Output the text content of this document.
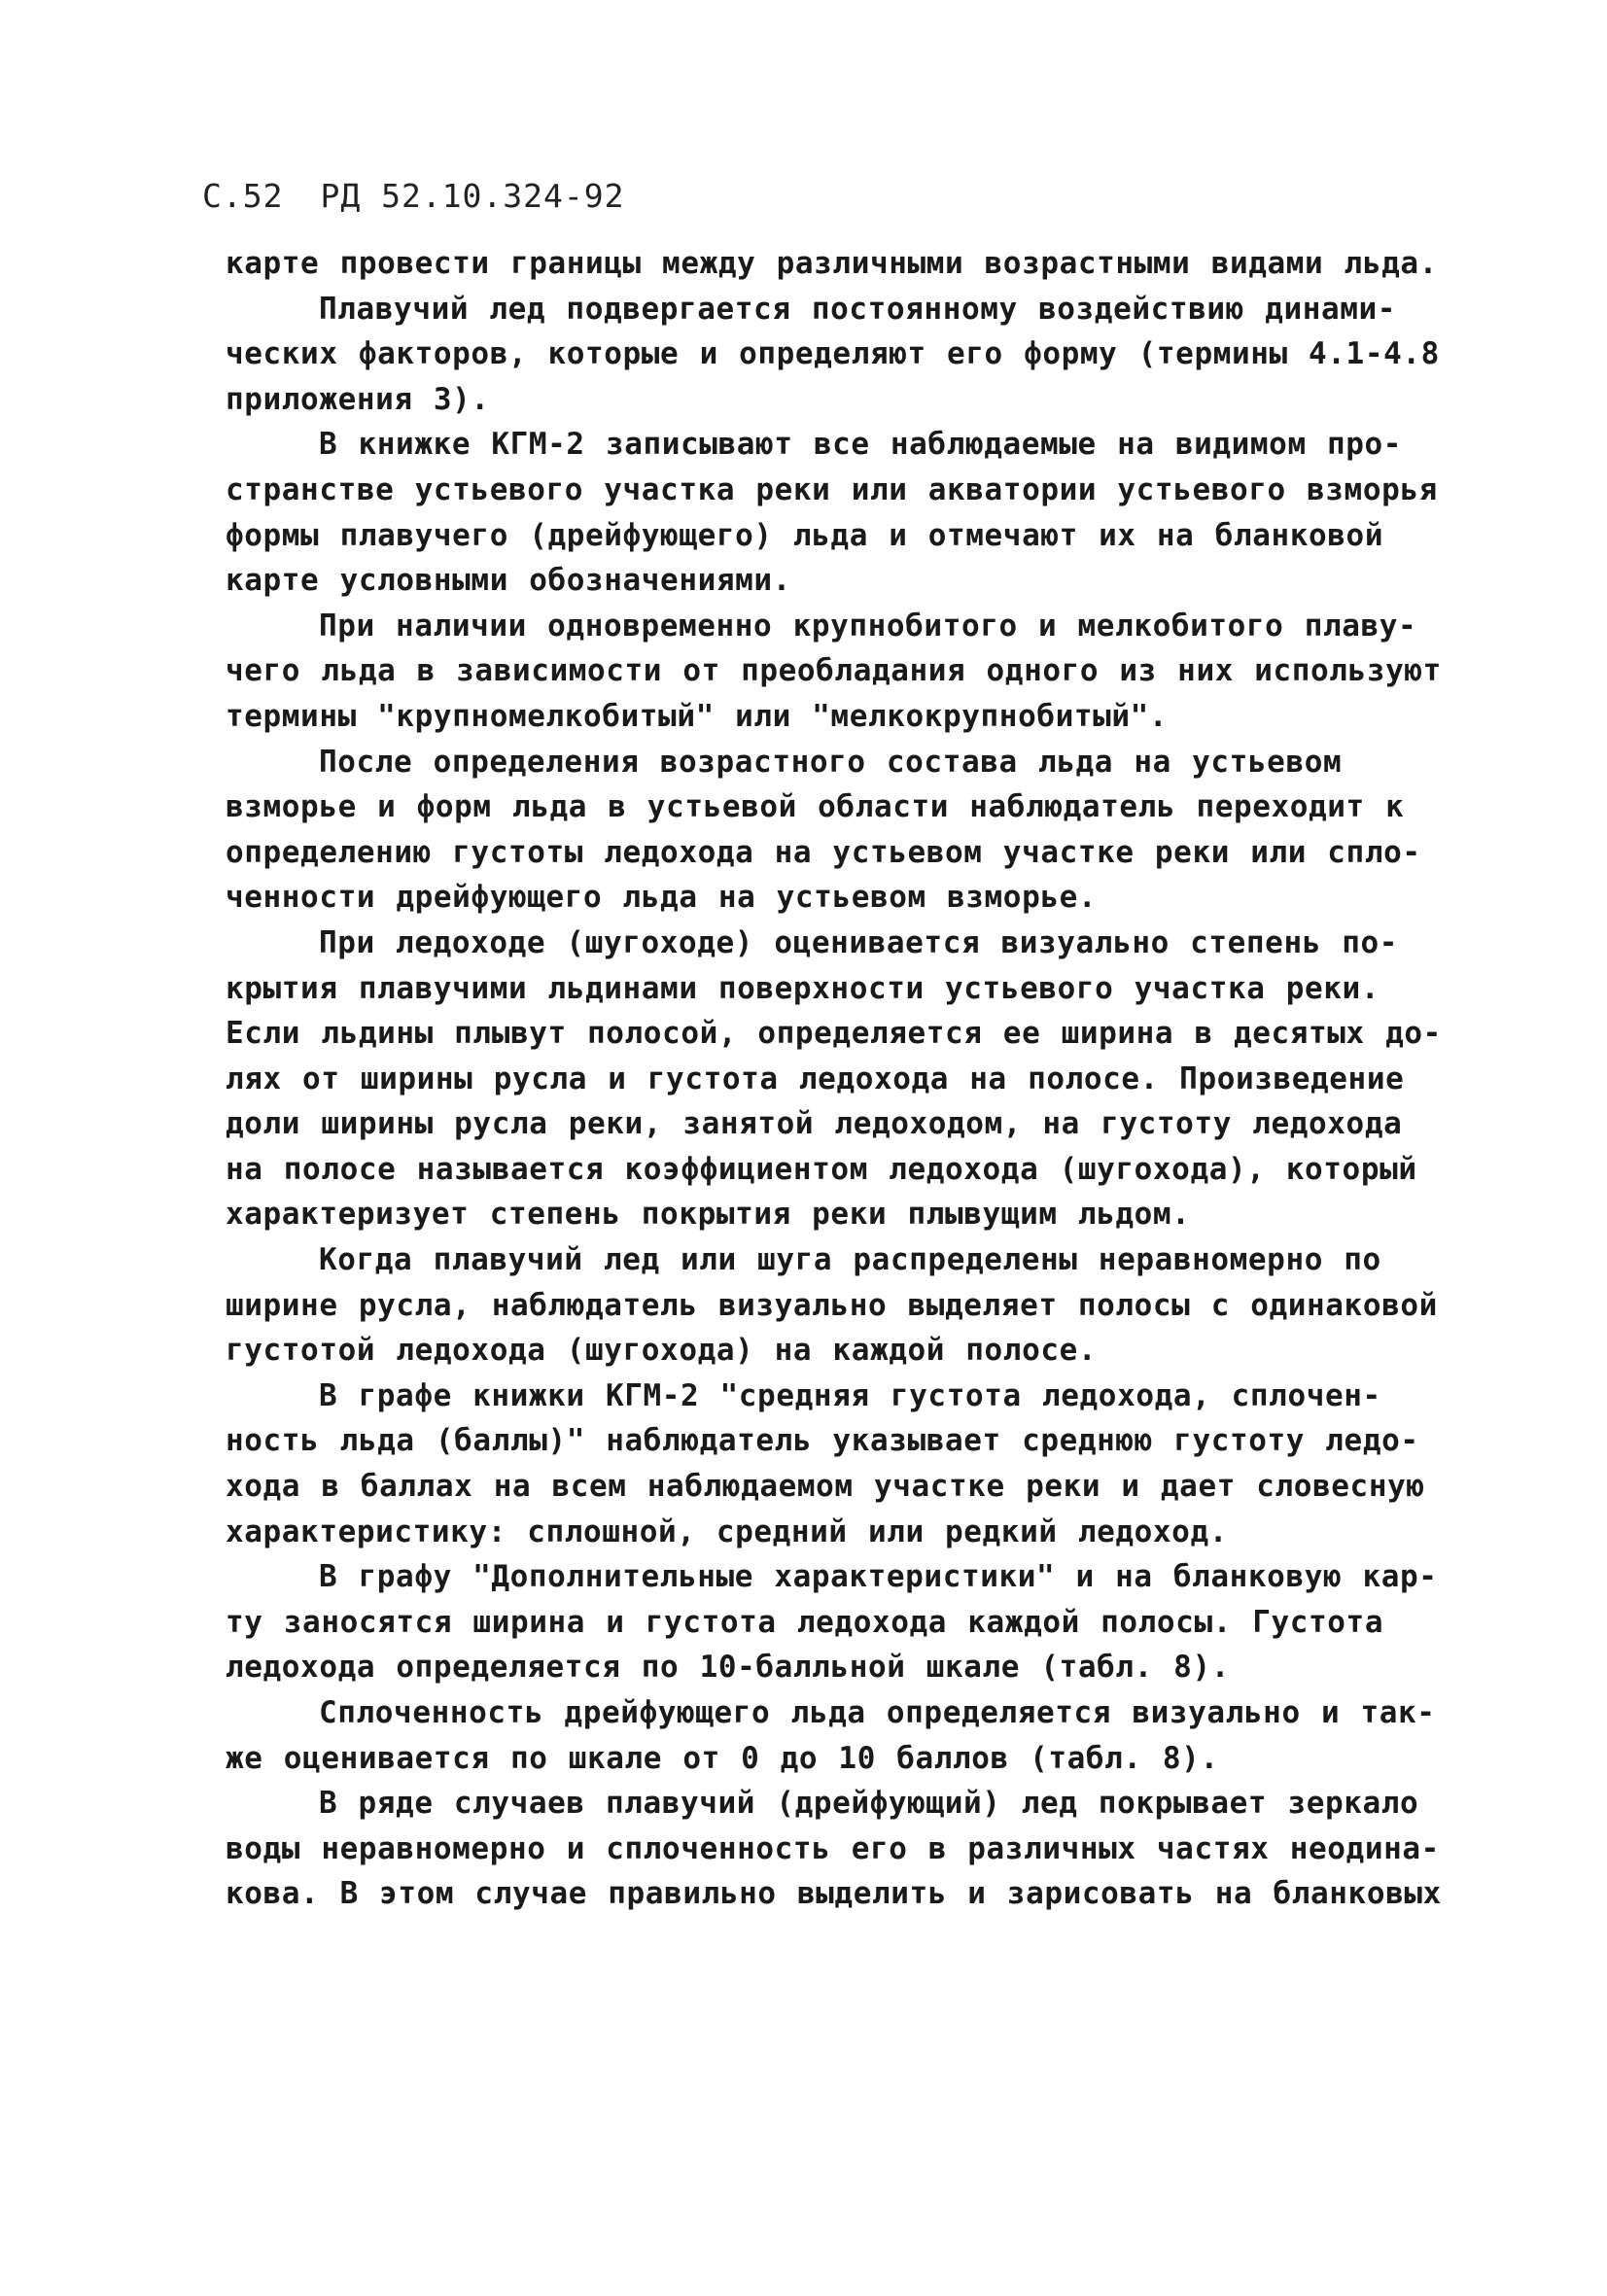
С.52 РД 52.10.324-92
карте провести границы между различными возрастными видами льда.
Плавучий лед подвергается постоянному воздействию динами-
ческих факторов, которые и определяют его форму (термины 4.1-4.8
приложения 3).
В книжке КГМ-2 записывают все наблюдаемые на видимом про-
странстве устьевого участка реки или акватории устьевого взморья
формы плавучего (дрейфующего) льда и отмечают их на бланковой
карте условными обозначениями.
При наличии одновременно крупнобитого и мелкобитого плаву-
чего льда в зависимости от преобладания одного из них используют
термины "крупномелкобитый" или "мелкокрупнобитый".
После определения возрастного состава льда на устьевом
взморье и форм льда в устьевой области наблюдатель переходит к
определению густоты ледохода на устьевом участке реки или спло-
ченности дрейфующего льда на устьевом взморье.
При ледоходе (шугоходе) оценивается визуально степень по-
крытия плавучими льдинами поверхности устьевого участка реки.
Если льдины плывут полосой, определяется ее ширина в десятых до-
лях от ширины русла и густота ледохода на полосе. Произведение
доли ширины русла реки, занятой ледоходом, на густоту ледохода
на полосе называется коэффициентом ледохода (шугохода), который
характеризует степень покрытия реки плывущим льдом.
Когда плавучий лед или шуга распределены неравномерно по
ширине русла, наблюдатель визуально выделяет полосы с одинаковой
густотой ледохода (шугохода) на каждой полосе.
В графе книжки КГМ-2 "средняя густота ледохода, сплочен-
ность льда (баллы)" наблюдатель указывает среднюю густоту ледо-
хода в баллах на всем наблюдаемом участке реки и дает словесную
характеристику: сплошной, средний или редкий ледоход.
В графу "Дополнительные характеристики" и на бланковую кар-
ту заносятся ширина и густота ледохода каждой полосы. Густота
ледохода определяется по 10-балльной шкале (табл. 8).
Сплоченность дрейфующего льда определяется визуально и так-
же оценивается по шкале от 0 до 10 баллов (табл. 8).
В ряде случаев плавучий (дрейфующий) лед покрывает зеркало
воды неравномерно и сплоченность его в различных частях неодина-
кова. В этом случае правильно выделить и зарисовать на бланковых
